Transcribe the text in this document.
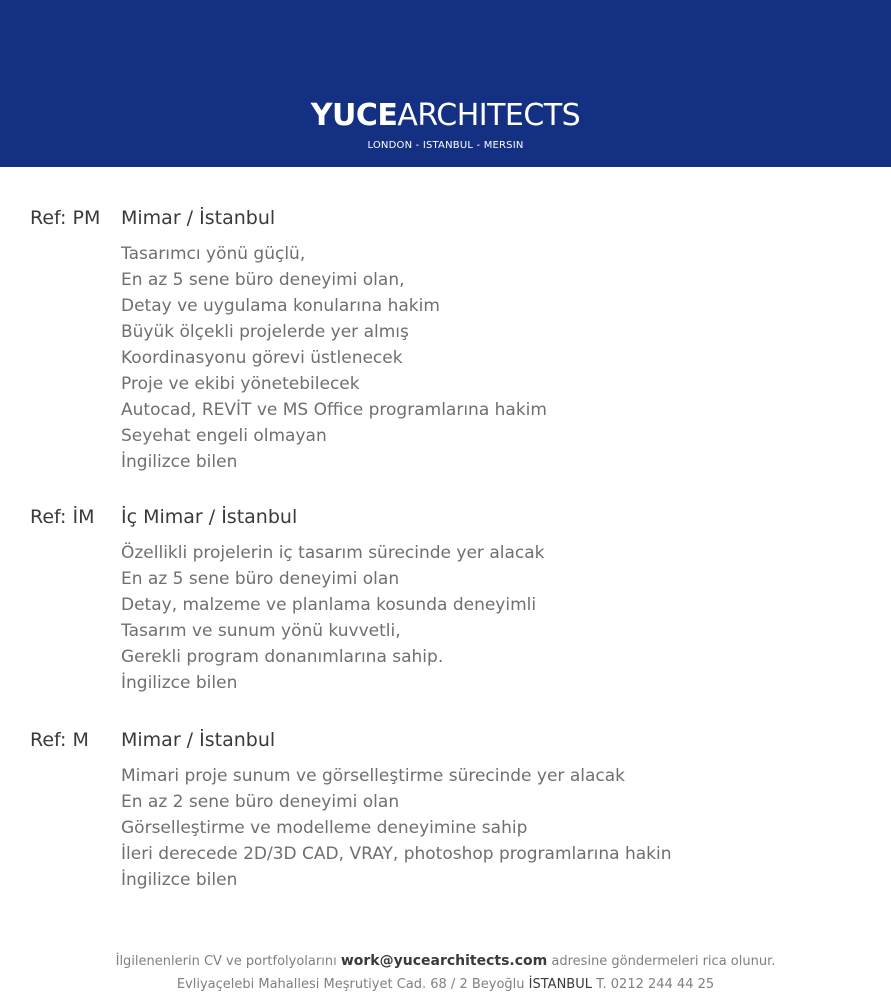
YUCEARCHITECTS
LONDON - ISTANBUL - MERSIN
Ref: PM Mimar / İstanbul
Tasarımcı yönü güçlü,
En az 5 sene büro deneyimi olan,
Detay ve uygulama konularına hakim
Büyük ölçekli projelerde yer almış
Koordinasyonu görevi üstlenecek
Proje ve ekibi yönetebilecek
Autocad, REVİT ve MS Office programlarına hakim
Seyehat engeli olmayan
İngilizce bilen
Ref: İM İç Mimar / İstanbul
Özellikli projelerin iç tasarım sürecinde yer alacak
En az 5 sene büro deneyimi olan
Detay, malzeme ve planlama kosunda deneyimli
Tasarım ve sunum yönü kuvvetli,
Gerekli program donanımlarına sahip.
İngilizce bilen
Ref: M Mimar / İstanbul
Mimari proje sunum ve görselleştirme sürecinde yer alacak
En az 2 sene büro deneyimi olan
Görselleştirme ve modelleme deneyimine sahip
İleri derecede 2D/3D CAD, VRAY, photoshop programlarına hakin
İngilizce bilen
İlgilenenlerin CV ve portfolyolarını work@yucearchitects.com adresine göndermeleri rica olunur.
Evliyaçelebi Mahallesi Meşrutiyet Cad. 68 / 2 Beyoğlu İSTANBUL T. 0212 244 44 25
